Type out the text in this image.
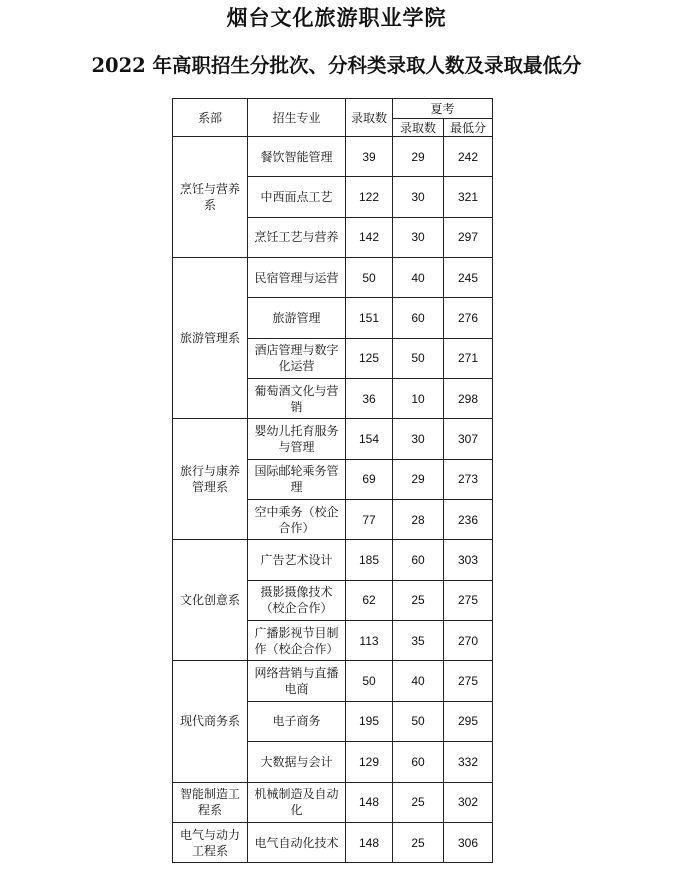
烟台文化旅游职业学院
2022 年高职招生分批次、分科类录取人数及录取最低分
系部	招生专业	录取数	夏考	
			录取数	最低分
烹饪与营养系	餐饮智能管理	39	29	242
	中西面点工艺	122	30	321
	烹饪工艺与营养	142	30	297
旅游管理系	民宿管理与运营	50	40	245
	旅游管理	151	60	276
	酒店管理与数字化运营	125	50	271
	葡萄酒文化与营销	36	10	298
旅行与康养管理系	婴幼儿托育服务与管理	154	30	307
	国际邮轮乘务管理	69	29	273
	空中乘务（校企合作）	77	28	236
文化创意系	广告艺术设计	185	60	303
	摄影摄像技术（校企合作）	62	25	275
	广播影视节目制作（校企合作）	113	35	270
现代商务系	网络营销与直播电商	50	40	275
	电子商务	195	50	295
	大数据与会计	129	60	332
智能制造工程系	机械制造及自动化	148	25	302
电气与动力工程系	电气自动化技术	148	25	306
